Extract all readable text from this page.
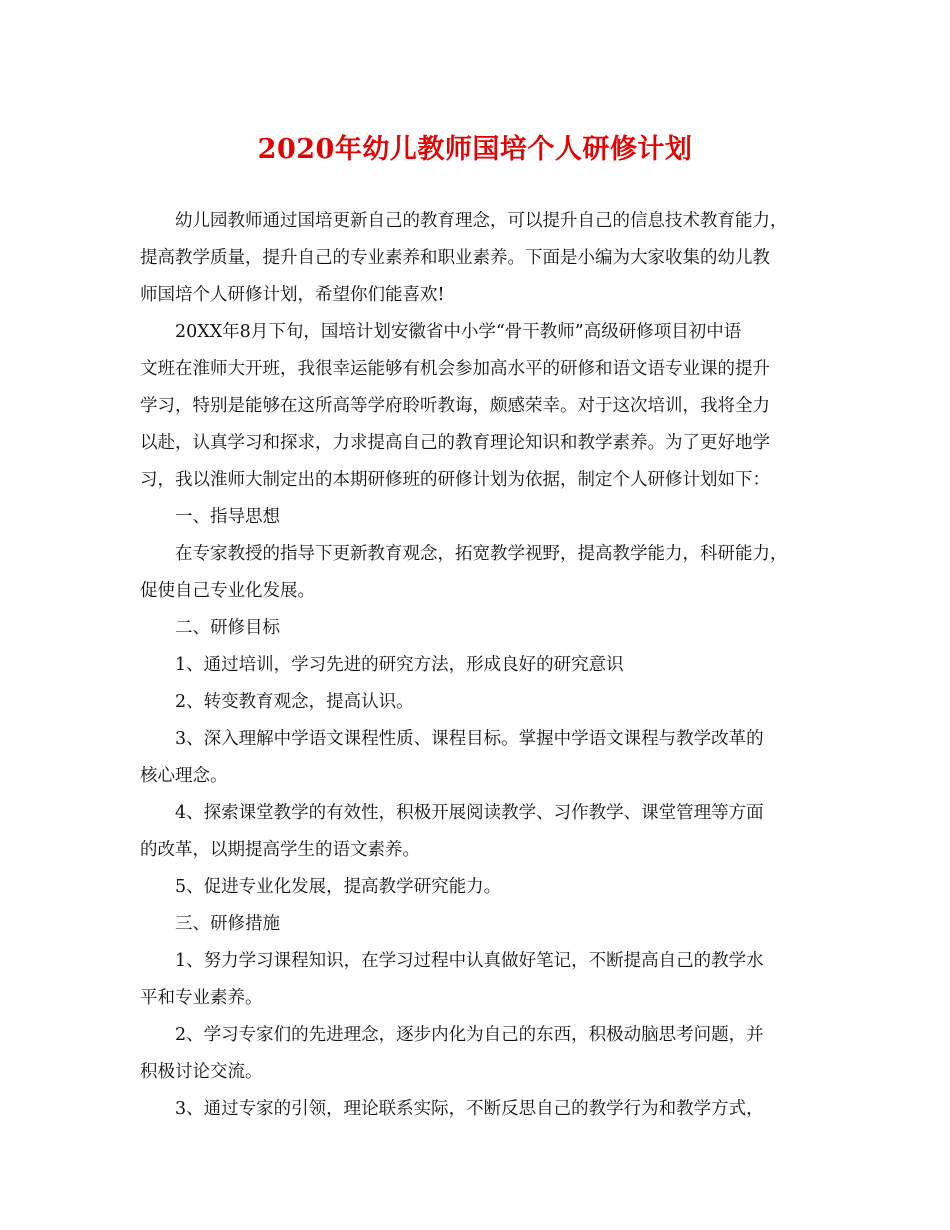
2020年幼儿教师国培个人研修计划
幼儿园教师通过国培更新自己的教育理念，可以提升自己的信息技术教育能力，
提高教学质量，提升自己的专业素养和职业素养。下面是小编为大家收集的幼儿教
师国培个人研修计划，希望你们能喜欢!
20XX年8月下旬，国培计划安徽省中小学“骨干教师”高级研修项目初中语
文班在淮师大开班，我很幸运能够有机会参加高水平的研修和语文语专业课的提升
学习，特别是能够在这所高等学府聆听教诲，颇感荣幸。对于这次培训，我将全力
以赴，认真学习和探求，力求提高自己的教育理论知识和教学素养。为了更好地学
习，我以淮师大制定出的本期研修班的研修计划为依据，制定个人研修计划如下：
一、指导思想
在专家教授的指导下更新教育观念，拓宽教学视野，提高教学能力，科研能力，
促使自己专业化发展。
二、研修目标
1、通过培训，学习先进的研究方法，形成良好的研究意识
2、转变教育观念，提高认识。
3、深入理解中学语文课程性质、课程目标。掌握中学语文课程与教学改革的
核心理念。
4、探索课堂教学的有效性，积极开展阅读教学、习作教学、课堂管理等方面
的改革，以期提高学生的语文素养。
5、促进专业化发展，提高教学研究能力。
三、研修措施
1、努力学习课程知识，在学习过程中认真做好笔记，不断提高自己的教学水
平和专业素养。
2、学习专家们的先进理念，逐步内化为自己的东西，积极动脑思考问题，并
积极讨论交流。
3、通过专家的引领，理论联系实际，不断反思自己的教学行为和教学方式，
